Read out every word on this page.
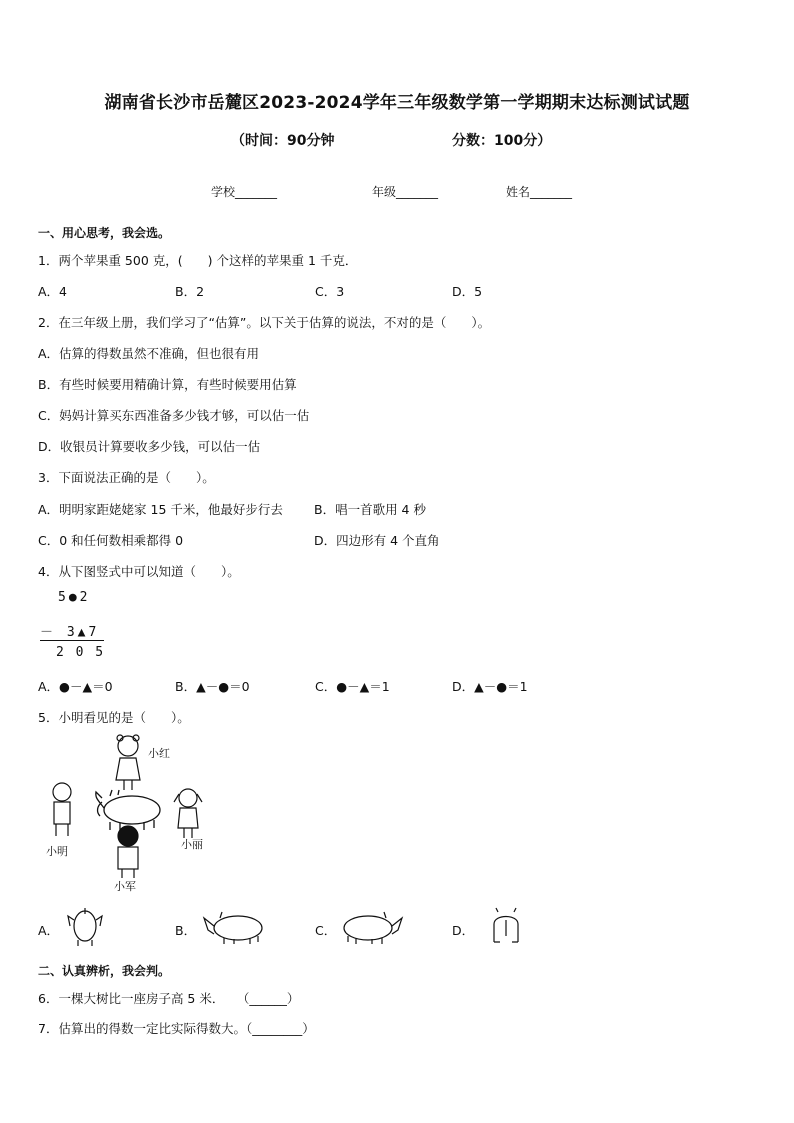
湖南省长沙市岳麓区2023-2024学年三年级数学第一学期期末达标测试试题
（时间：90分钟	分数：100分）
学校_______	年级_______	姓名_______
一、用心思考，我会选。
1．两个苹果重 500 克，(　　) 个这样的苹果重 1 千克．
A．4	B．2	C．3	D．5
2．在三年级上册，我们学习了“估算”。以下关于估算的说法，不对的是（　　）。
A．估算的得数虽然不准确，但也很有用
B．有些时候要用精确计算，有些时候要用估算
C．妈妈计算买东西准备多少钱才够，可以估一估
D．收银员计算要收多少钱，可以估一估
3．下面说法正确的是（　　）。
A．明明家距姥姥家 15 千米，他最好步行去 B．唱一首歌用 4 秒
C．0 和任何数相乘都得 0	D．四边形有 4 个直角
4．从下图竖式中可以知道（　　）。
5●2
－ 3▲7
2 0 5
A．●－▲＝0	B．▲－●＝0	C．●－▲＝1	D．▲－●＝1
5．小明看见的是（　　）。
小红
小明
小丽
小军
A．	B．	C．	D．
二、认真辨析，我会判。
6．一棵大树比一座房子高 5 米．　　（______）
7．估算出的得数一定比实际得数大。（________）
